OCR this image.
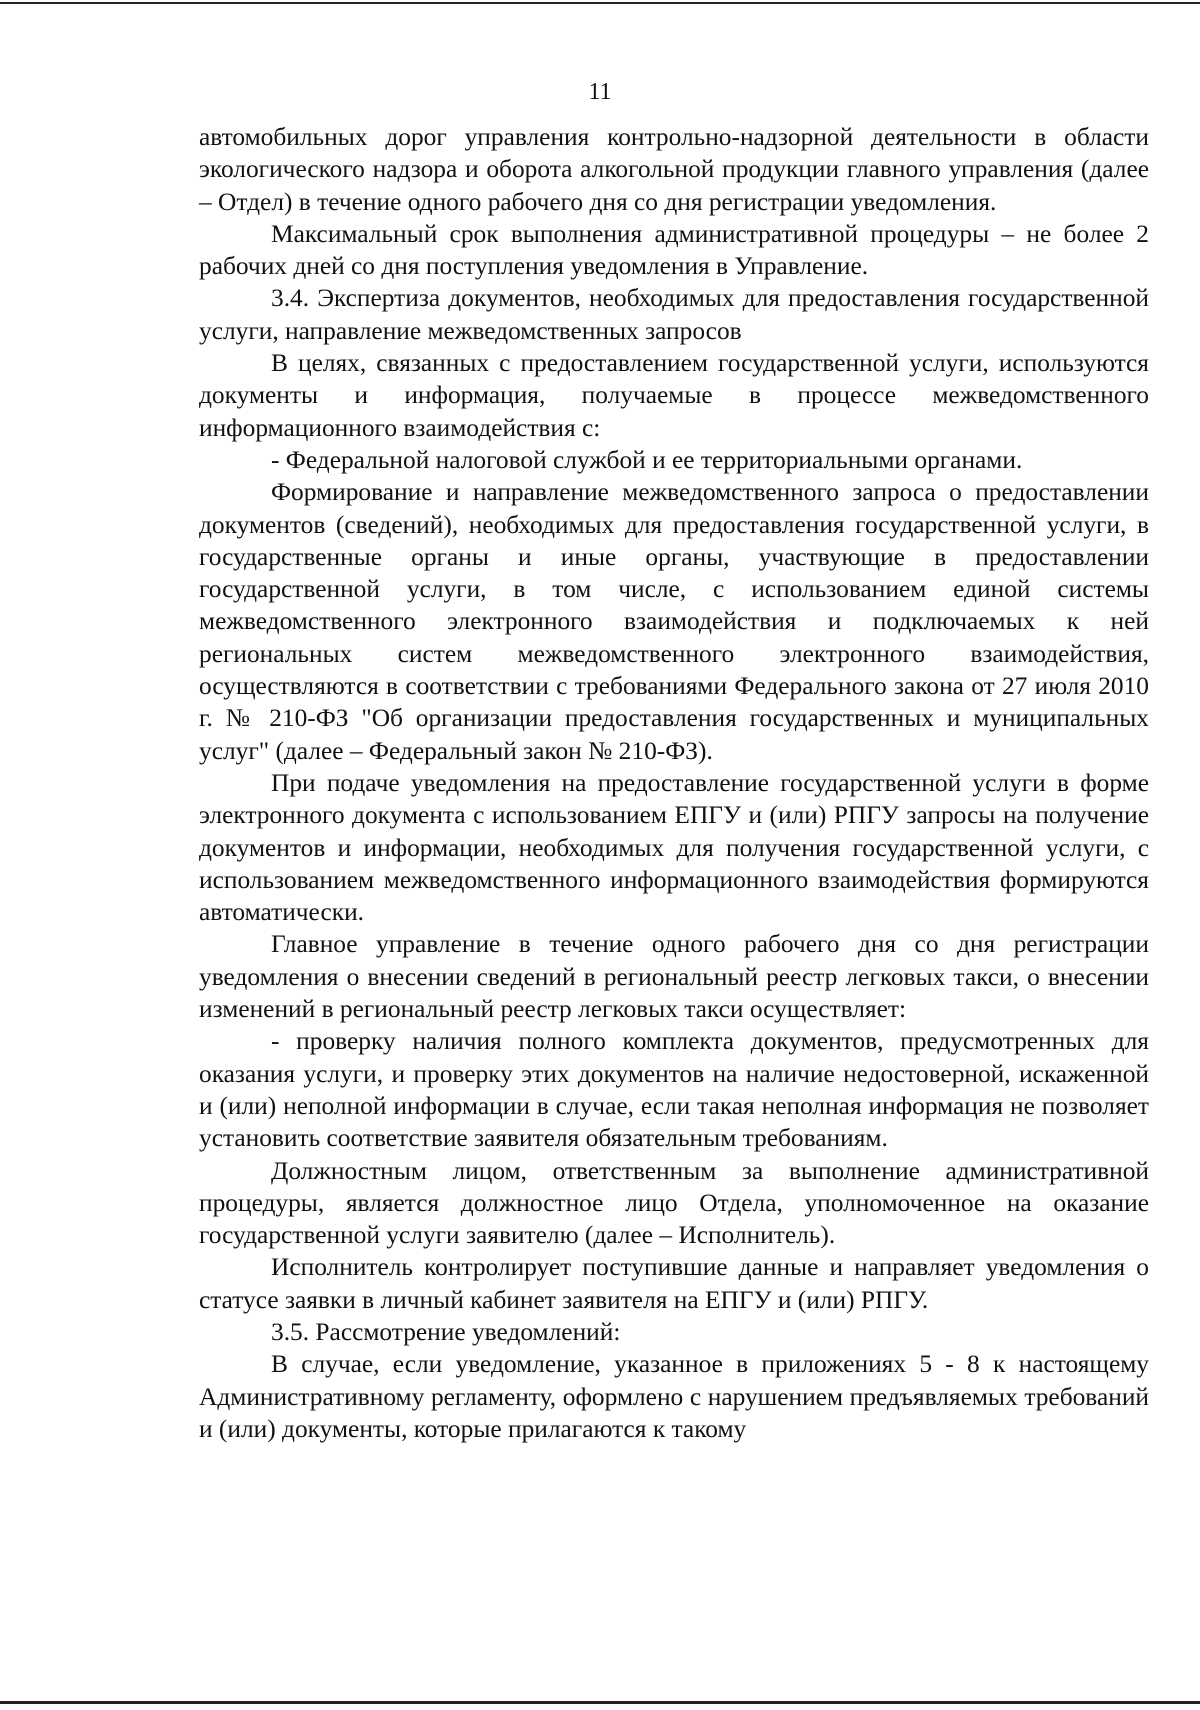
11

автомобильных дорог управления контрольно-надзорной деятельности в области экологического надзора и оборота алкогольной продукции главного управления (далее – Отдел) в течение одного рабочего дня со дня регистрации уведомления.

Максимальный срок выполнения административной процедуры – не более 2 рабочих дней со дня поступления уведомления в Управление.

3.4. Экспертиза документов, необходимых для предоставления государственной услуги, направление межведомственных запросов

В целях, связанных с предоставлением государственной услуги, используются документы и информация, получаемые в процессе межведомственного информационного взаимодействия с:

- Федеральной налоговой службой и ее территориальными органами.

Формирование и направление межведомственного запроса о предоставлении документов (сведений), необходимых для предоставления государственной услуги, в государственные органы и иные органы, участвующие в предоставлении государственной услуги, в том числе, с использованием единой системы межведомственного электронного взаимодействия и подключаемых к ней региональных систем межведомственного электронного взаимодействия, осуществляются в соответствии с требованиями Федерального закона от 27 июля 2010 г. № 210-ФЗ "Об организации предоставления государственных и муниципальных услуг" (далее – Федеральный закон № 210-ФЗ).

При подаче уведомления на предоставление государственной услуги в форме электронного документа с использованием ЕПГУ и (или) РПГУ запросы на получение документов и информации, необходимых для получения государственной услуги, с использованием межведомственного информационного взаимодействия формируются автоматически.

Главное управление в течение одного рабочего дня со дня регистрации уведомления о внесении сведений в региональный реестр легковых такси, о внесении изменений в региональный реестр легковых такси осуществляет:

- проверку наличия полного комплекта документов, предусмотренных для оказания услуги, и проверку этих документов на наличие недостоверной, искаженной и (или) неполной информации в случае, если такая неполная информация не позволяет установить соответствие заявителя обязательным требованиям.

Должностным лицом, ответственным за выполнение административной процедуры, является должностное лицо Отдела, уполномоченное на оказание государственной услуги заявителю (далее – Исполнитель).

Исполнитель контролирует поступившие данные и направляет уведомления о статусе заявки в личный кабинет заявителя на ЕПГУ и (или) РПГУ.

3.5. Рассмотрение уведомлений:

В случае, если уведомление, указанное в приложениях 5 - 8 к настоящему Административному регламенту, оформлено с нарушением предъявляемых требований и (или) документы, которые прилагаются к такому
